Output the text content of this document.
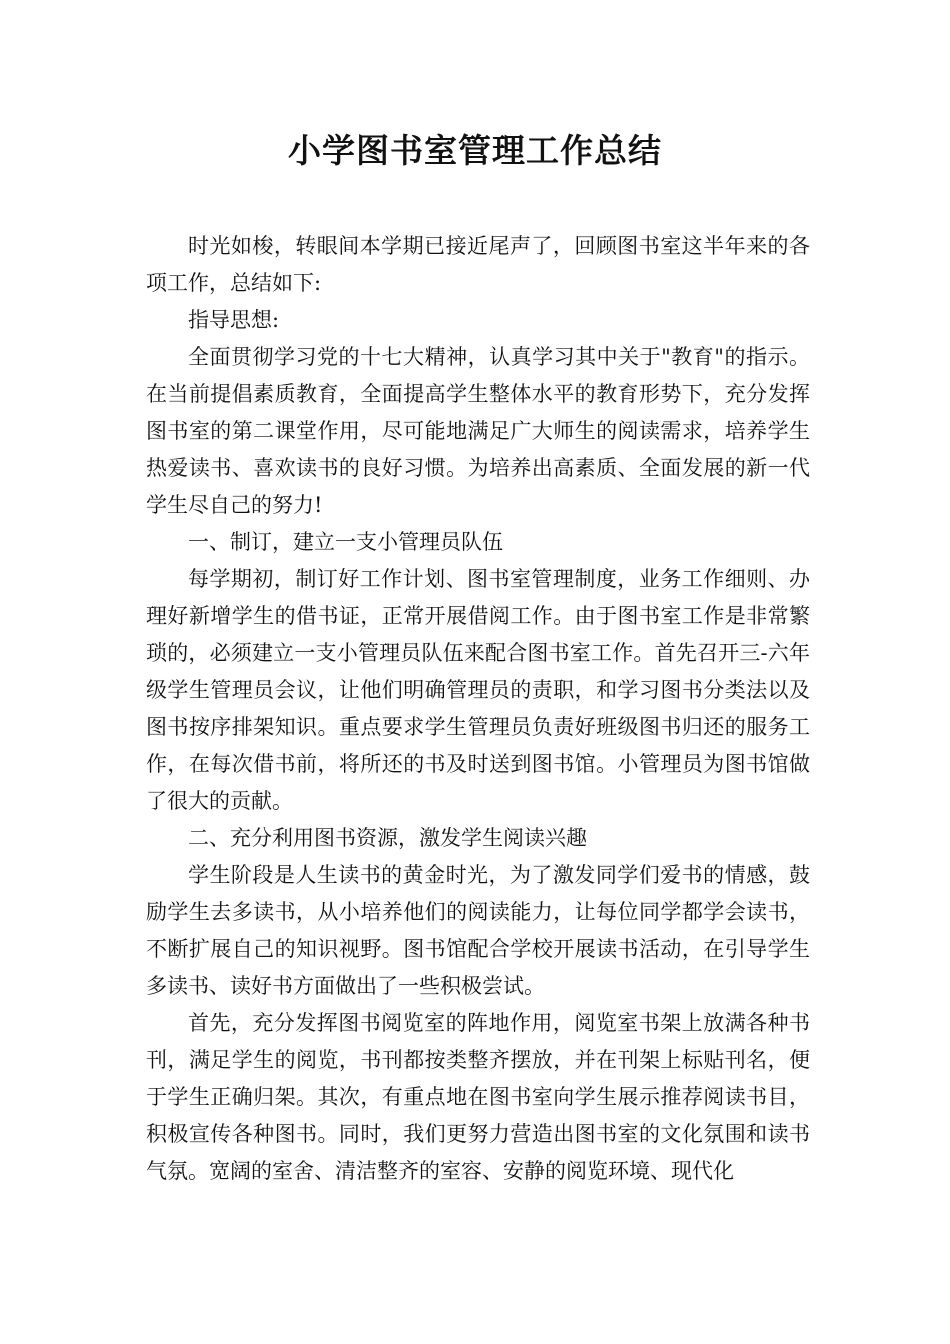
小学图书室管理工作总结

时光如梭，转眼间本学期已接近尾声了，回顾图书室这半年来的各项工作，总结如下:

指导思想:

全面贯彻学习党的十七大精神，认真学习其中关于"教育"的指示。在当前提倡素质教育，全面提高学生整体水平的教育形势下，充分发挥图书室的第二课堂作用，尽可能地满足广大师生的阅读需求，培养学生热爱读书、喜欢读书的良好习惯。为培养出高素质、全面发展的新一代学生尽自己的努力!

一、制订，建立一支小管理员队伍

每学期初，制订好工作计划、图书室管理制度，业务工作细则、办理好新增学生的借书证，正常开展借阅工作。由于图书室工作是非常繁琐的，必须建立一支小管理员队伍来配合图书室工作。首先召开三-六年级学生管理员会议，让他们明确管理员的责职，和学习图书分类法以及图书按序排架知识。重点要求学生管理员负责好班级图书归还的服务工作，在每次借书前，将所还的书及时送到图书馆。小管理员为图书馆做了很大的贡献。

二、充分利用图书资源，激发学生阅读兴趣

学生阶段是人生读书的黄金时光，为了激发同学们爱书的情感，鼓励学生去多读书，从小培养他们的阅读能力，让每位同学都学会读书，不断扩展自己的知识视野。图书馆配合学校开展读书活动，在引导学生多读书、读好书方面做出了一些积极尝试。

首先，充分发挥图书阅览室的阵地作用，阅览室书架上放满各种书刊，满足学生的阅览，书刊都按类整齐摆放，并在刊架上标贴刊名，便于学生正确归架。其次，有重点地在图书室向学生展示推荐阅读书目，积极宣传各种图书。同时，我们更努力营造出图书室的文化氛围和读书气氛。宽阔的室舍、清洁整齐的室容、安静的阅览环境、现代化
